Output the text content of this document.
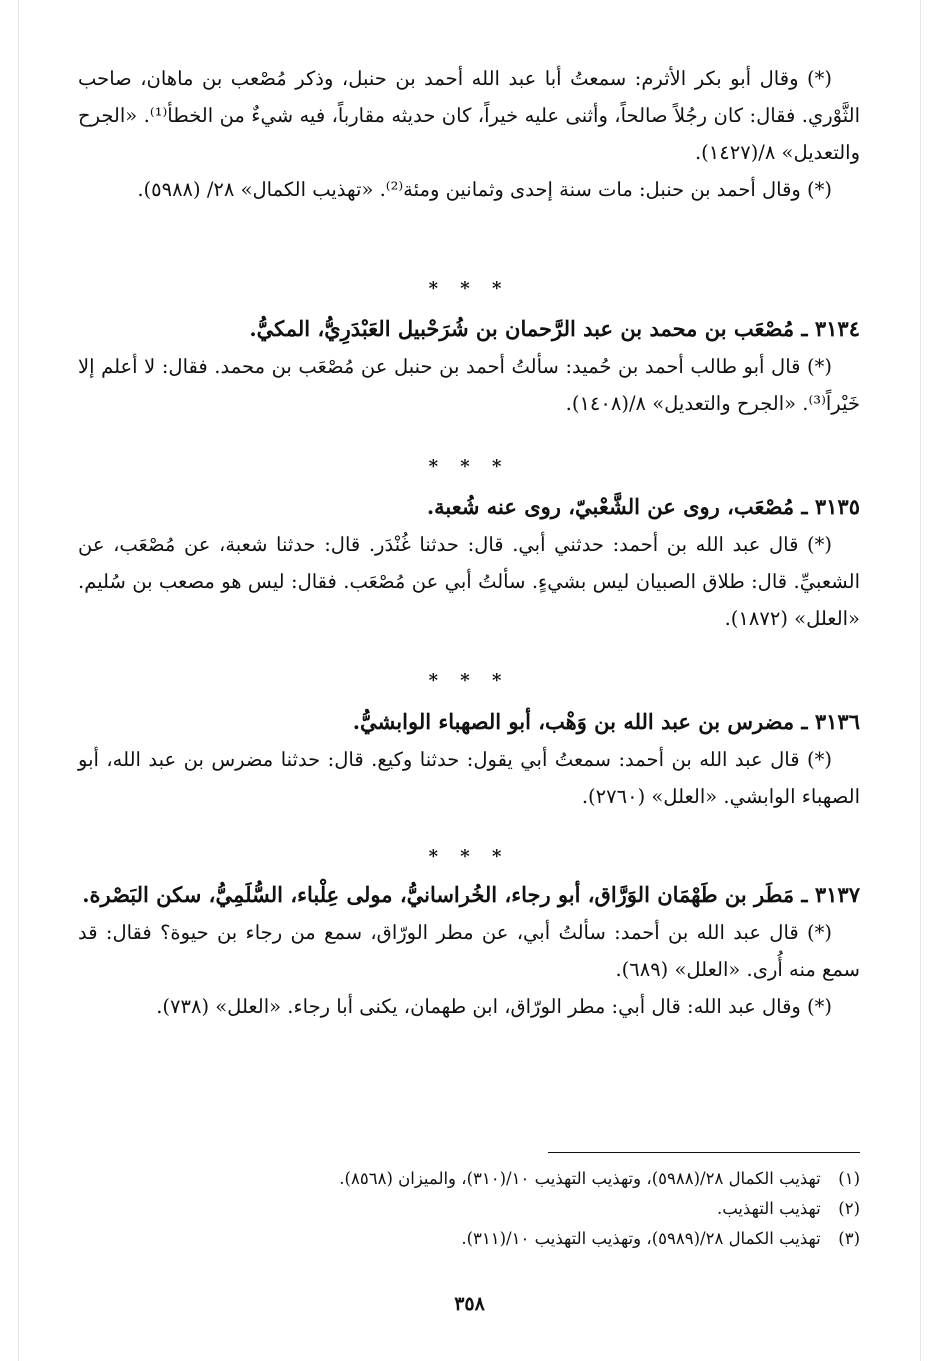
(*) وقال أبو بكر الأثرم: سمعتُ أبا عبد الله أحمد بن حنبل، وذكر مُصْعب بن ماهان، صاحب الثَّوْري. فقال: كان رجُلاً صالحاً، وأثنى عليه خيراً، كان حديثه مقارباً، فيه شيءٌ من الخطأ⁽¹⁾. «الجرح والتعديل» ٨/(١٤٢٧).

(*) وقال أحمد بن حنبل: مات سنة إحدى وثمانين ومئة⁽²⁾. «تهذيب الكمال» ٢٨/ (٥٩٨٨).

* * *

٣١٣٤ ـ مُصْعَب بن محمد بن عبد الرَّحمان بن شُرَحْبيل العَبْدَرِيُّ، المكيُّ.

(*) قال أبو طالب أحمد بن حُميد: سألتُ أحمد بن حنبل عن مُصْعَب بن محمد. فقال: لا أعلم إلا خَيْراً⁽³⁾. «الجرح والتعديل» ٨/(١٤٠٨).

* * *

٣١٣٥ ـ مُصْعَب، روى عن الشَّعْبيّ، روى عنه شُعبة.

(*) قال عبد الله بن أحمد: حدثني أبي. قال: حدثنا غُنْدَر. قال: حدثنا شعبة، عن مُصْعَب، عن الشعبيِّ. قال: طلاق الصبيان ليس بشيءٍ. سألتُ أبي عن مُصْعَب. فقال: ليس هو مصعب بن سُليم. «العلل» (١٨٧٢).

* * *

٣١٣٦ ـ مضرس بن عبد الله بن وَهْب، أبو الصهباء الوابشيُّ.

(*) قال عبد الله بن أحمد: سمعتُ أبي يقول: حدثنا وكيع. قال: حدثنا مضرس بن عبد الله، أبو الصهباء الوابشي. «العلل» (٢٧٦٠).

* * *

٣١٣٧ ـ مَطَر بن طَهْمَان الوَرَّاق، أبو رجاء، الخُراسانيُّ، مولى عِلْباء، السُّلَمِيُّ، سكن البَصْرة.

(*) قال عبد الله بن أحمد: سألتُ أبي، عن مطر الورّاق، سمع من رجاء بن حيوة؟ فقال: قد سمع منه أُرى. «العلل» (٦٨٩).

(*) وقال عبد الله: قال أبي: مطر الورّاق، ابن طهمان، يكنى أبا رجاء. «العلل» (٧٣٨).

(١) تهذيب الكمال ٢٨/(٥٩٨٨)، وتهذيب التهذيب ١٠/(٣١٠)، والميزان (٨٥٦٨).

(٢) تهذيب التهذيب.

(٣) تهذيب الكمال ٢٨/(٥٩٨٩)، وتهذيب التهذيب ١٠/(٣١١).

٣٥٨
